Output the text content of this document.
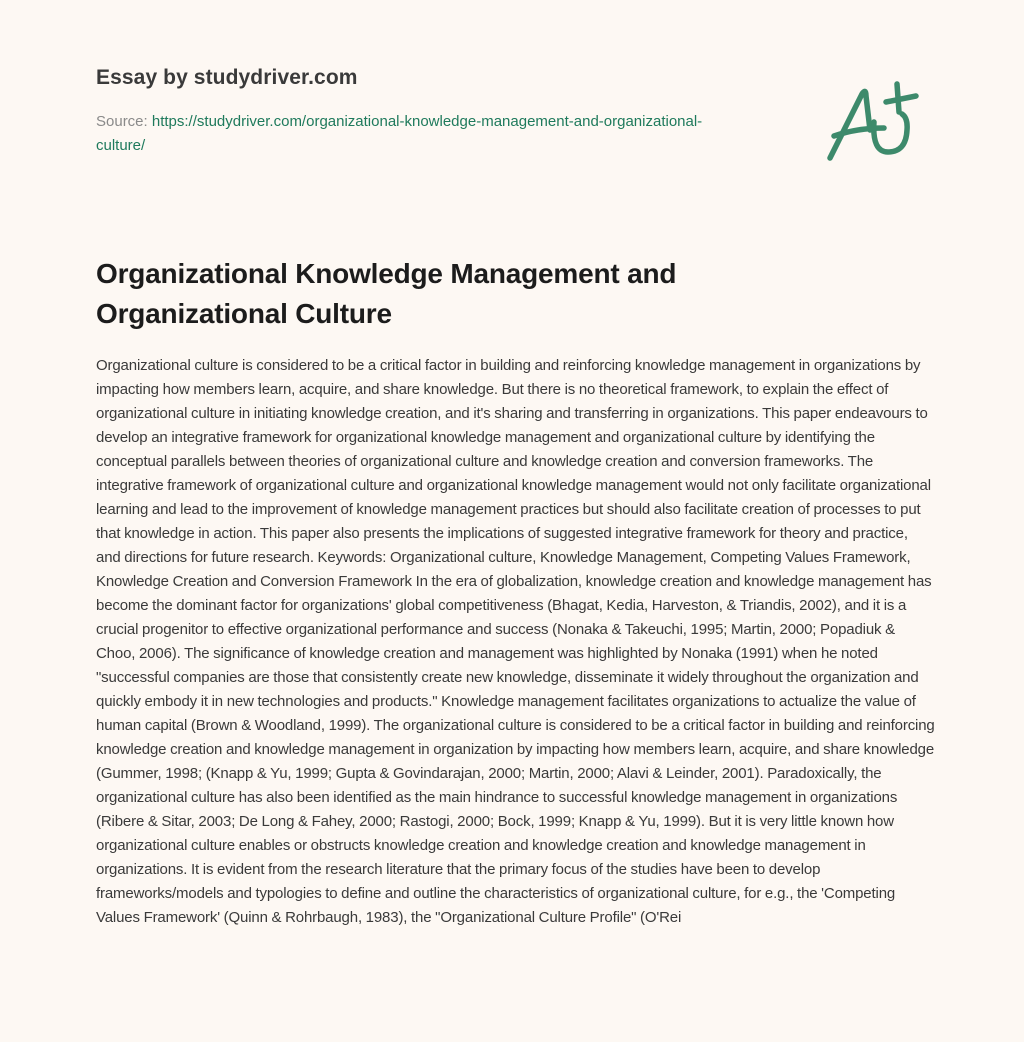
Essay by studydriver.com
Source: https://studydriver.com/organizational-knowledge-management-and-organizational-culture/
Organizational Knowledge Management and Organizational Culture

Organizational culture is considered to be a critical factor in building and reinforcing knowledge management in organizations by impacting how members learn, acquire, and share knowledge. But there is no theoretical framework, to explain the effect of organizational culture in initiating knowledge creation, and it's sharing and transferring in organizations. This paper endeavours to develop an integrative framework for organizational knowledge management and organizational culture by identifying the conceptual parallels between theories of organizational culture and knowledge creation and conversion frameworks. The integrative framework of organizational culture and organizational knowledge management would not only facilitate organizational learning and lead to the improvement of knowledge management practices but should also facilitate creation of processes to put that knowledge in action. This paper also presents the implications of suggested integrative framework for theory and practice, and directions for future research. Keywords: Organizational culture, Knowledge Management, Competing Values Framework, Knowledge Creation and Conversion Framework In the era of globalization, knowledge creation and knowledge management has become the dominant factor for organizations' global competitiveness (Bhagat, Kedia, Harveston, & Triandis, 2002), and it is a crucial progenitor to effective organizational performance and success (Nonaka & Takeuchi, 1995; Martin, 2000; Popadiuk & Choo, 2006). The significance of knowledge creation and management was highlighted by Nonaka (1991) when he noted "successful companies are those that consistently create new knowledge, disseminate it widely throughout the organization and quickly embody it in new technologies and products." Knowledge management facilitates organizations to actualize the value of human capital (Brown & Woodland, 1999). The organizational culture is considered to be a critical factor in building and reinforcing knowledge creation and knowledge management in organization by impacting how members learn, acquire, and share knowledge (Gummer, 1998; (Knapp & Yu, 1999; Gupta & Govindarajan, 2000; Martin, 2000; Alavi & Leinder, 2001). Paradoxically, the organizational culture has also been identified as the main hindrance to successful knowledge management in organizations (Ribere & Sitar, 2003; De Long & Fahey, 2000; Rastogi, 2000; Bock, 1999; Knapp & Yu, 1999). But it is very little known how organizational culture enables or obstructs knowledge creation and knowledge creation and knowledge management in organizations. It is evident from the research literature that the primary focus of the studies have been to develop frameworks/models and typologies to define and outline the characteristics of organizational culture, for e.g., the 'Competing Values Framework' (Quinn & Rohrbaugh, 1983), the "Organizational Culture Profile" (O'Rei
